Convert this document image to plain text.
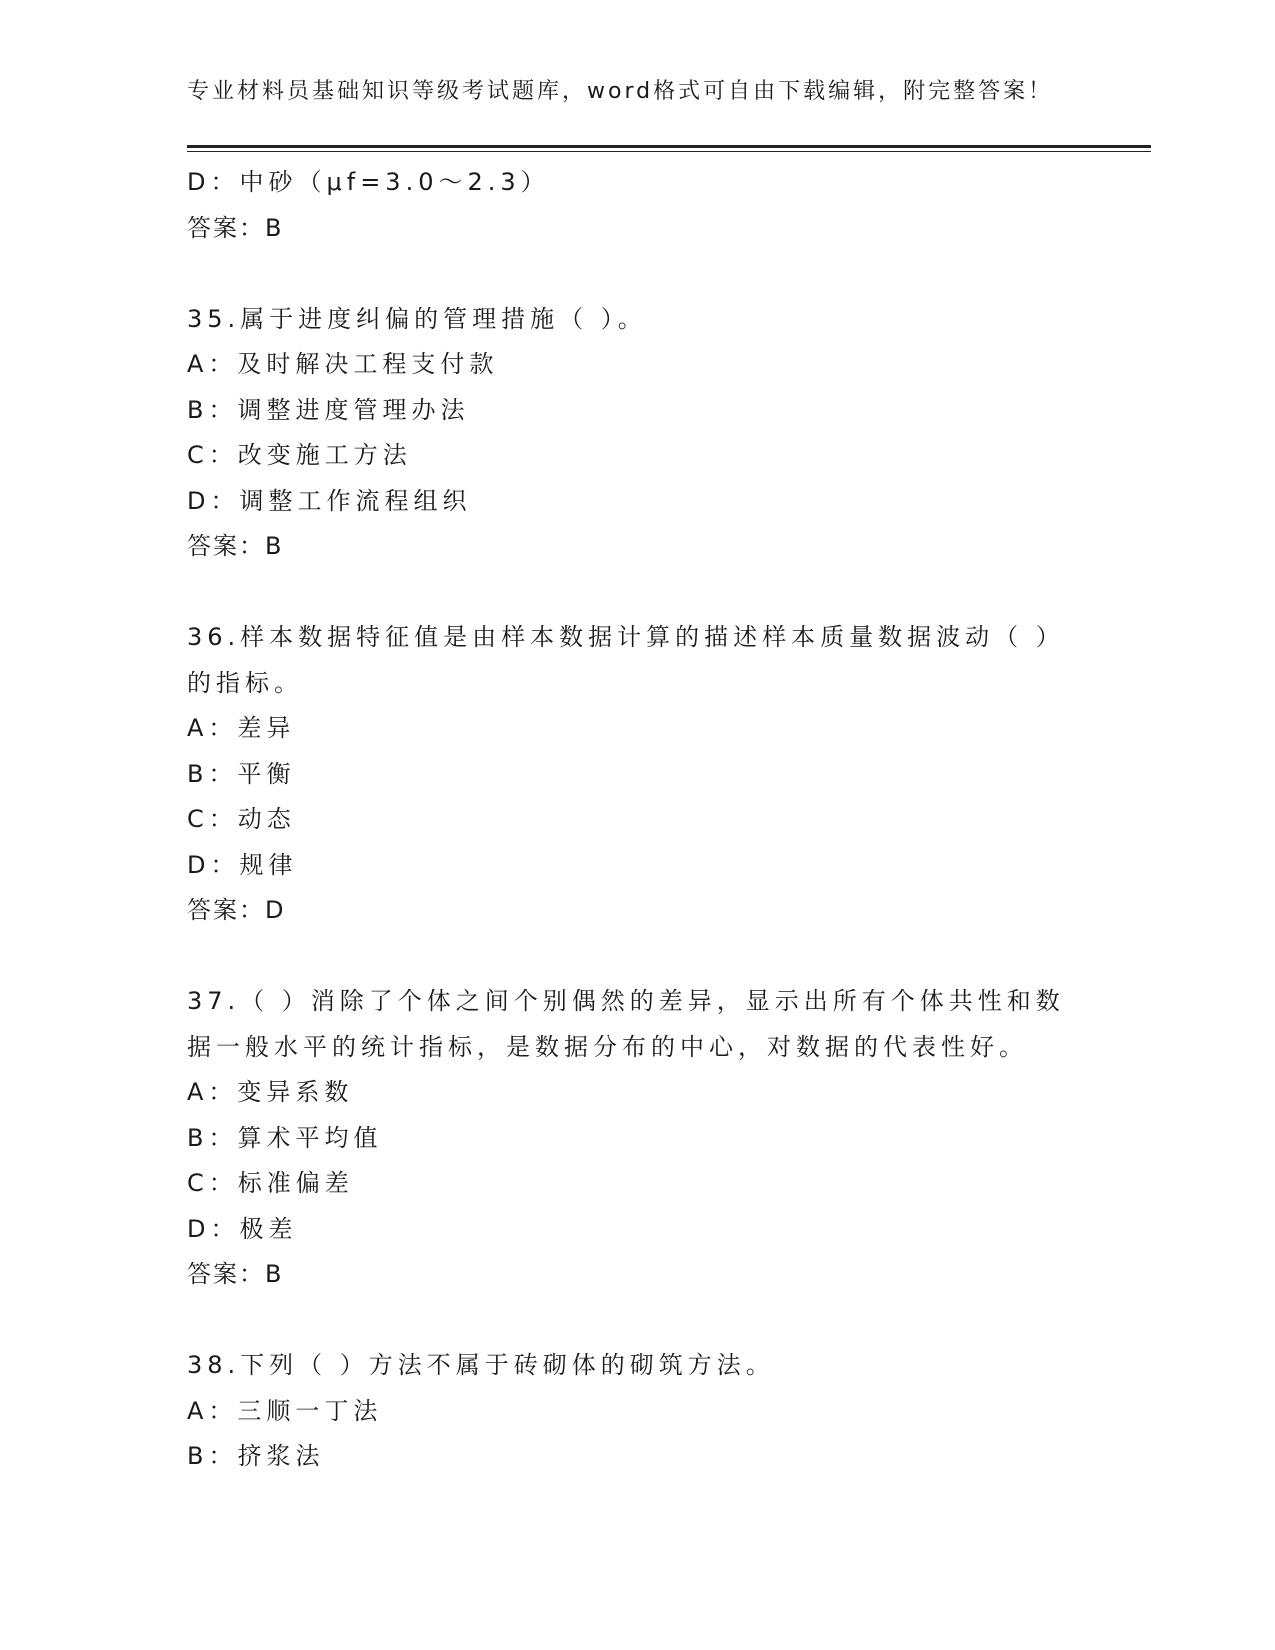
专业材料员基础知识等级考试题库，word格式可自由下载编辑，附完整答案！
D：中砂（μf=3.0～2.3）
答案：B
35.属于进度纠偏的管理措施（ ）。
A：及时解决工程支付款
B：调整进度管理办法
C：改变施工方法
D：调整工作流程组织
答案：B
36.样本数据特征值是由样本数据计算的描述样本质量数据波动（ ）
的指标。
A：差异
B：平衡
C：动态
D：规律
答案：D
37.（ ）消除了个体之间个别偶然的差异，显示出所有个体共性和数
据一般水平的统计指标，是数据分布的中心，对数据的代表性好。
A：变异系数
B：算术平均值
C：标准偏差
D：极差
答案：B
38.下列（ ）方法不属于砖砌体的砌筑方法。
A：三顺一丁法
B：挤浆法
